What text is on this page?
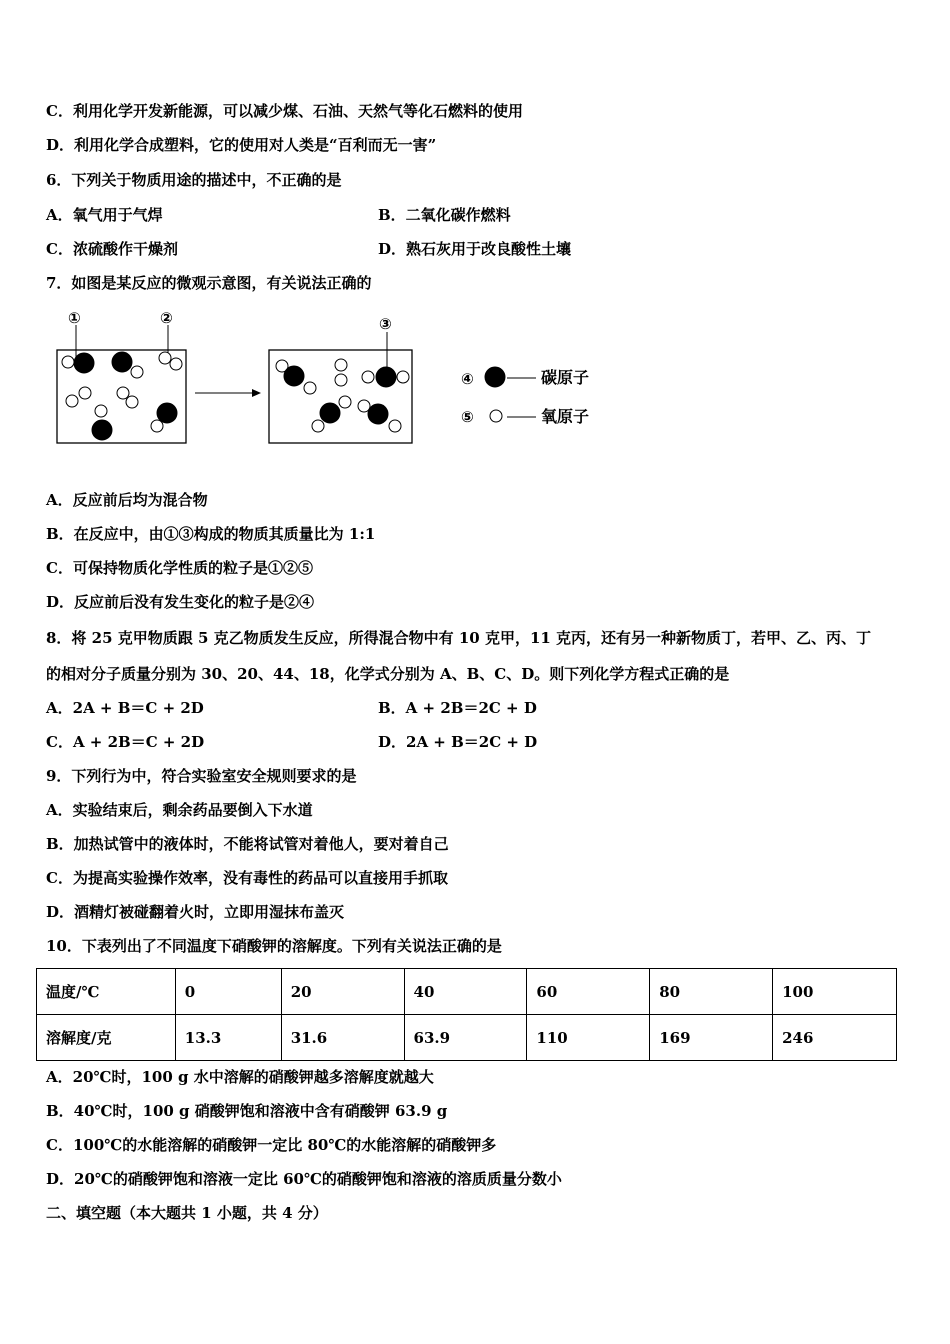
C．利用化学开发新能源，可以减少煤、石油、天然气等化石燃料的使用
D．利用化学合成塑料，它的使用对人类是“百利而无一害”
6．下列关于物质用途的描述中，不正确的是
A．氧气用于气焊	B．二氧化碳作燃料
C．浓硫酸作干燥剂	D．熟石灰用于改良酸性土壤
7．如图是某反应的微观示意图，有关说法正确的
①	②	③
④
⑤
碳原子
氧原子
A．反应前后均为混合物
B．在反应中，由①③构成的物质其质量比为 1:1
C．可保持物质化学性质的粒子是①②⑤
D．反应前后没有发生变化的粒子是②④
8．将 25 克甲物质跟 5 克乙物质发生反应，所得混合物中有 10 克甲，11 克丙，还有另一种新物质丁，若甲、乙、丙、丁
的相对分子质量分别为 30、20、44、18，化学式分别为 A、B、C、D。则下列化学方程式正确的是
A．2A + B＝C + 2D	B．A + 2B＝2C + D
C．A + 2B＝C + 2D	D．2A + B＝2C + D
9．下列行为中，符合实验室安全规则要求的是
A．实验结束后，剩余药品要倒入下水道
B．加热试管中的液体时，不能将试管对着他人，要对着自己
C．为提高实验操作效率，没有毒性的药品可以直接用手抓取
D．酒精灯被碰翻着火时，立即用湿抹布盖灭
10．下表列出了不同温度下硝酸钾的溶解度。下列有关说法正确的是
温度/℃	0	20	40	60	80	100
溶解度/克	13.3	31.6	63.9	110	169	246
A．20℃时，100 g 水中溶解的硝酸钾越多溶解度就越大
B．40℃时，100 g 硝酸钾饱和溶液中含有硝酸钾 63.9 g
C．100℃的水能溶解的硝酸钾一定比 80℃的水能溶解的硝酸钾多
D．20℃的硝酸钾饱和溶液一定比 60℃的硝酸钾饱和溶液的溶质质量分数小
二、填空题（本大题共 1 小题，共 4 分）
